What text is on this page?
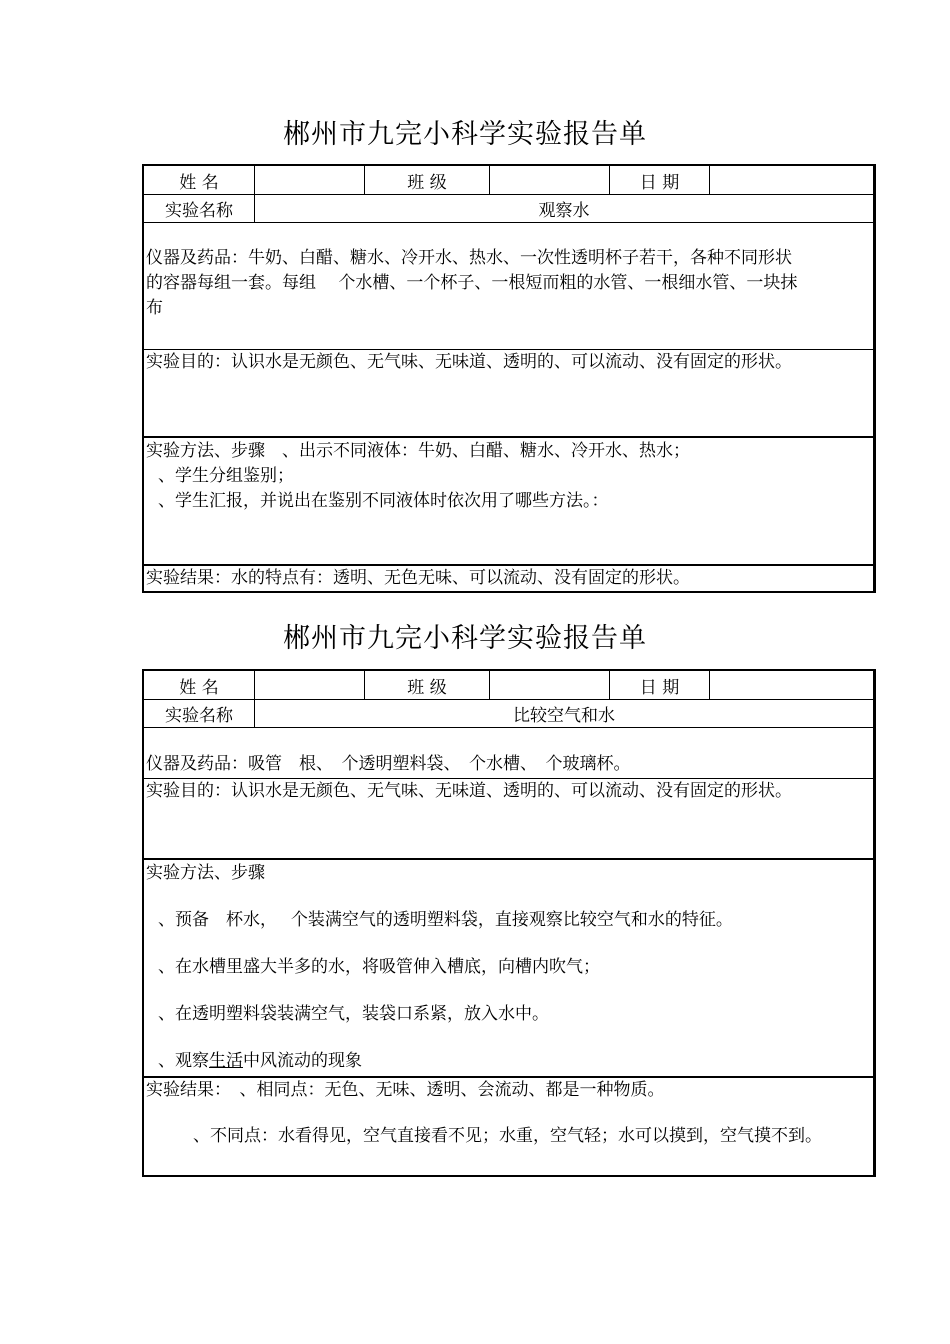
郴州市九完小科学实验报告单
姓 名	班 级	日 期
实验名称	观察水
仪器及药品：牛奶、白醋、糖水、冷开水、热水、一次性透明杯子若干，各种不同形状
的容器每组一套。每组　 个水槽、一个杯子、一根短而粗的水管、一根细水管、一块抹
布
实验目的：认识水是无颜色、无气味、无味道、透明的、可以流动、没有固定的形状。
实验方法、步骤　、出示不同液体：牛奶、白醋、糖水、冷开水、热水；
、学生分组鉴别；
、学生汇报，并说出在鉴别不同液体时依次用了哪些方法。：
实验结果：水的特点有：透明、无色无味、可以流动、没有固定的形状。
郴州市九完小科学实验报告单
姓 名	班 级	日 期
实验名称	比较空气和水
仪器及药品：吸管　根、　个透明塑料袋、　个水槽、　个玻璃杯。
实验目的：认识水是无颜色、无气味、无味道、透明的、可以流动、没有固定的形状。
实验方法、步骤
、预备　杯水，　 个装满空气的透明塑料袋，直接观察比较空气和水的特征。
、在水槽里盛大半多的水，将吸管伸入槽底，向槽内吹气；
、在透明塑料袋装满空气，装袋口系紧，放入水中。
、观察生活中风流动的现象
实验结果：　、相同点：无色、无味、透明、会流动、都是一种物质。
、不同点：水看得见，空气直接看不见；水重，空气轻；水可以摸到，空气摸不到。
